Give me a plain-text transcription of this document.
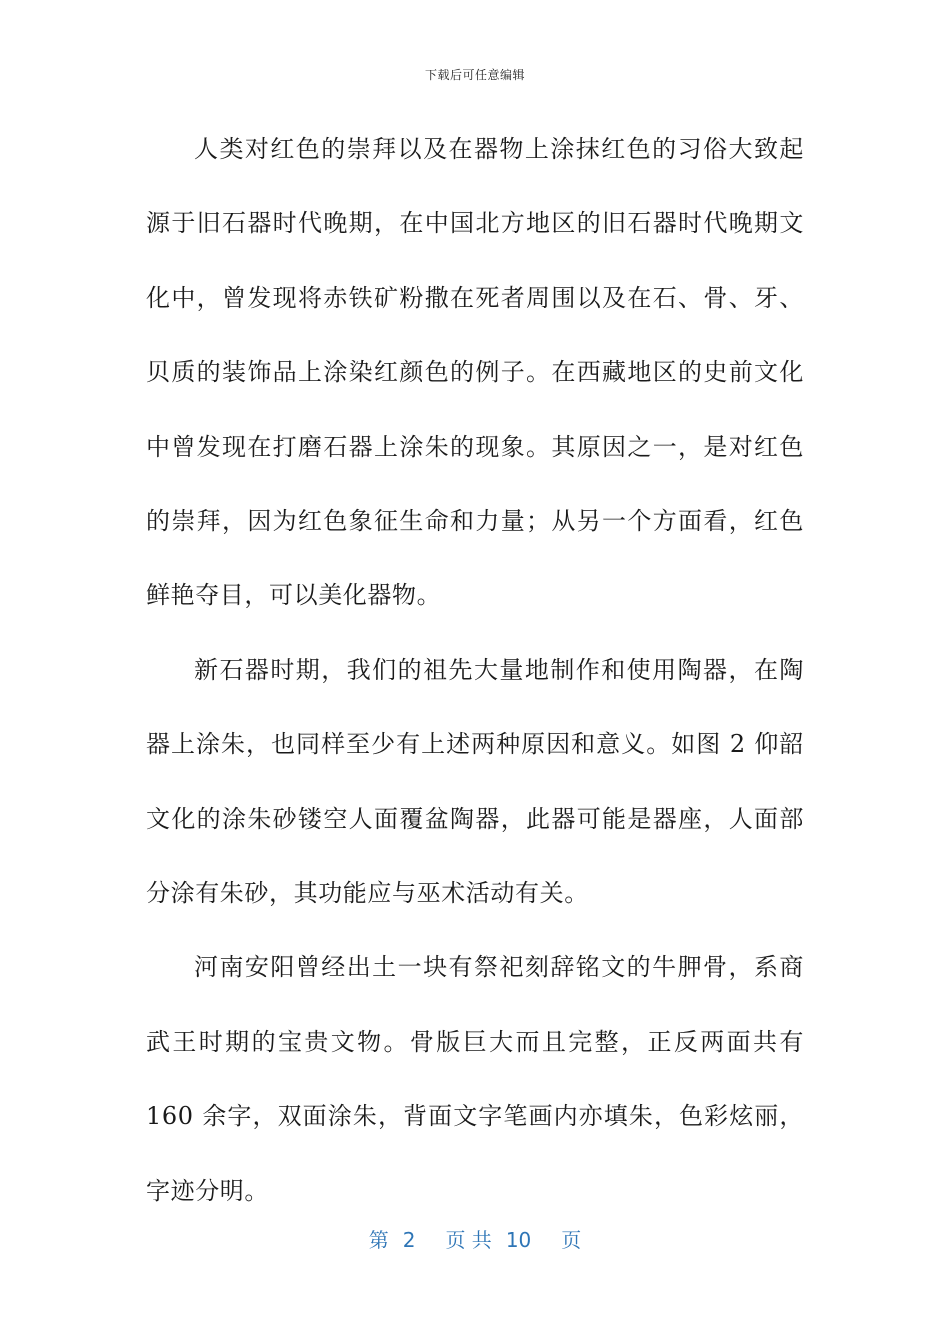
下载后可任意编辑

人类对红色的崇拜以及在器物上涂抹红色的习俗大致起源于旧石器时代晚期，在中国北方地区的旧石器时代晚期文化中，曾发现将赤铁矿粉撒在死者周围以及在石、骨、牙、贝质的装饰品上涂染红颜色的例子。在西藏地区的史前文化中曾发现在打磨石器上涂朱的现象。其原因之一，是对红色的崇拜，因为红色象征生命和力量；从另一个方面看，红色鲜艳夺目，可以美化器物。

新石器时期，我们的祖先大量地制作和使用陶器，在陶器上涂朱，也同样至少有上述两种原因和意义。如图 2 仰韶文化的涂朱砂镂空人面覆盆陶器，此器可能是器座，人面部分涂有朱砂，其功能应与巫术活动有关。

河南安阳曾经出土一块有祭祀刻辞铭文的牛胛骨，系商武王时期的宝贵文物。骨版巨大而且完整，正反两面共有 160 余字，双面涂朱，背面文字笔画内亦填朱，色彩炫丽，字迹分明。

第 2 页 共 10 页
